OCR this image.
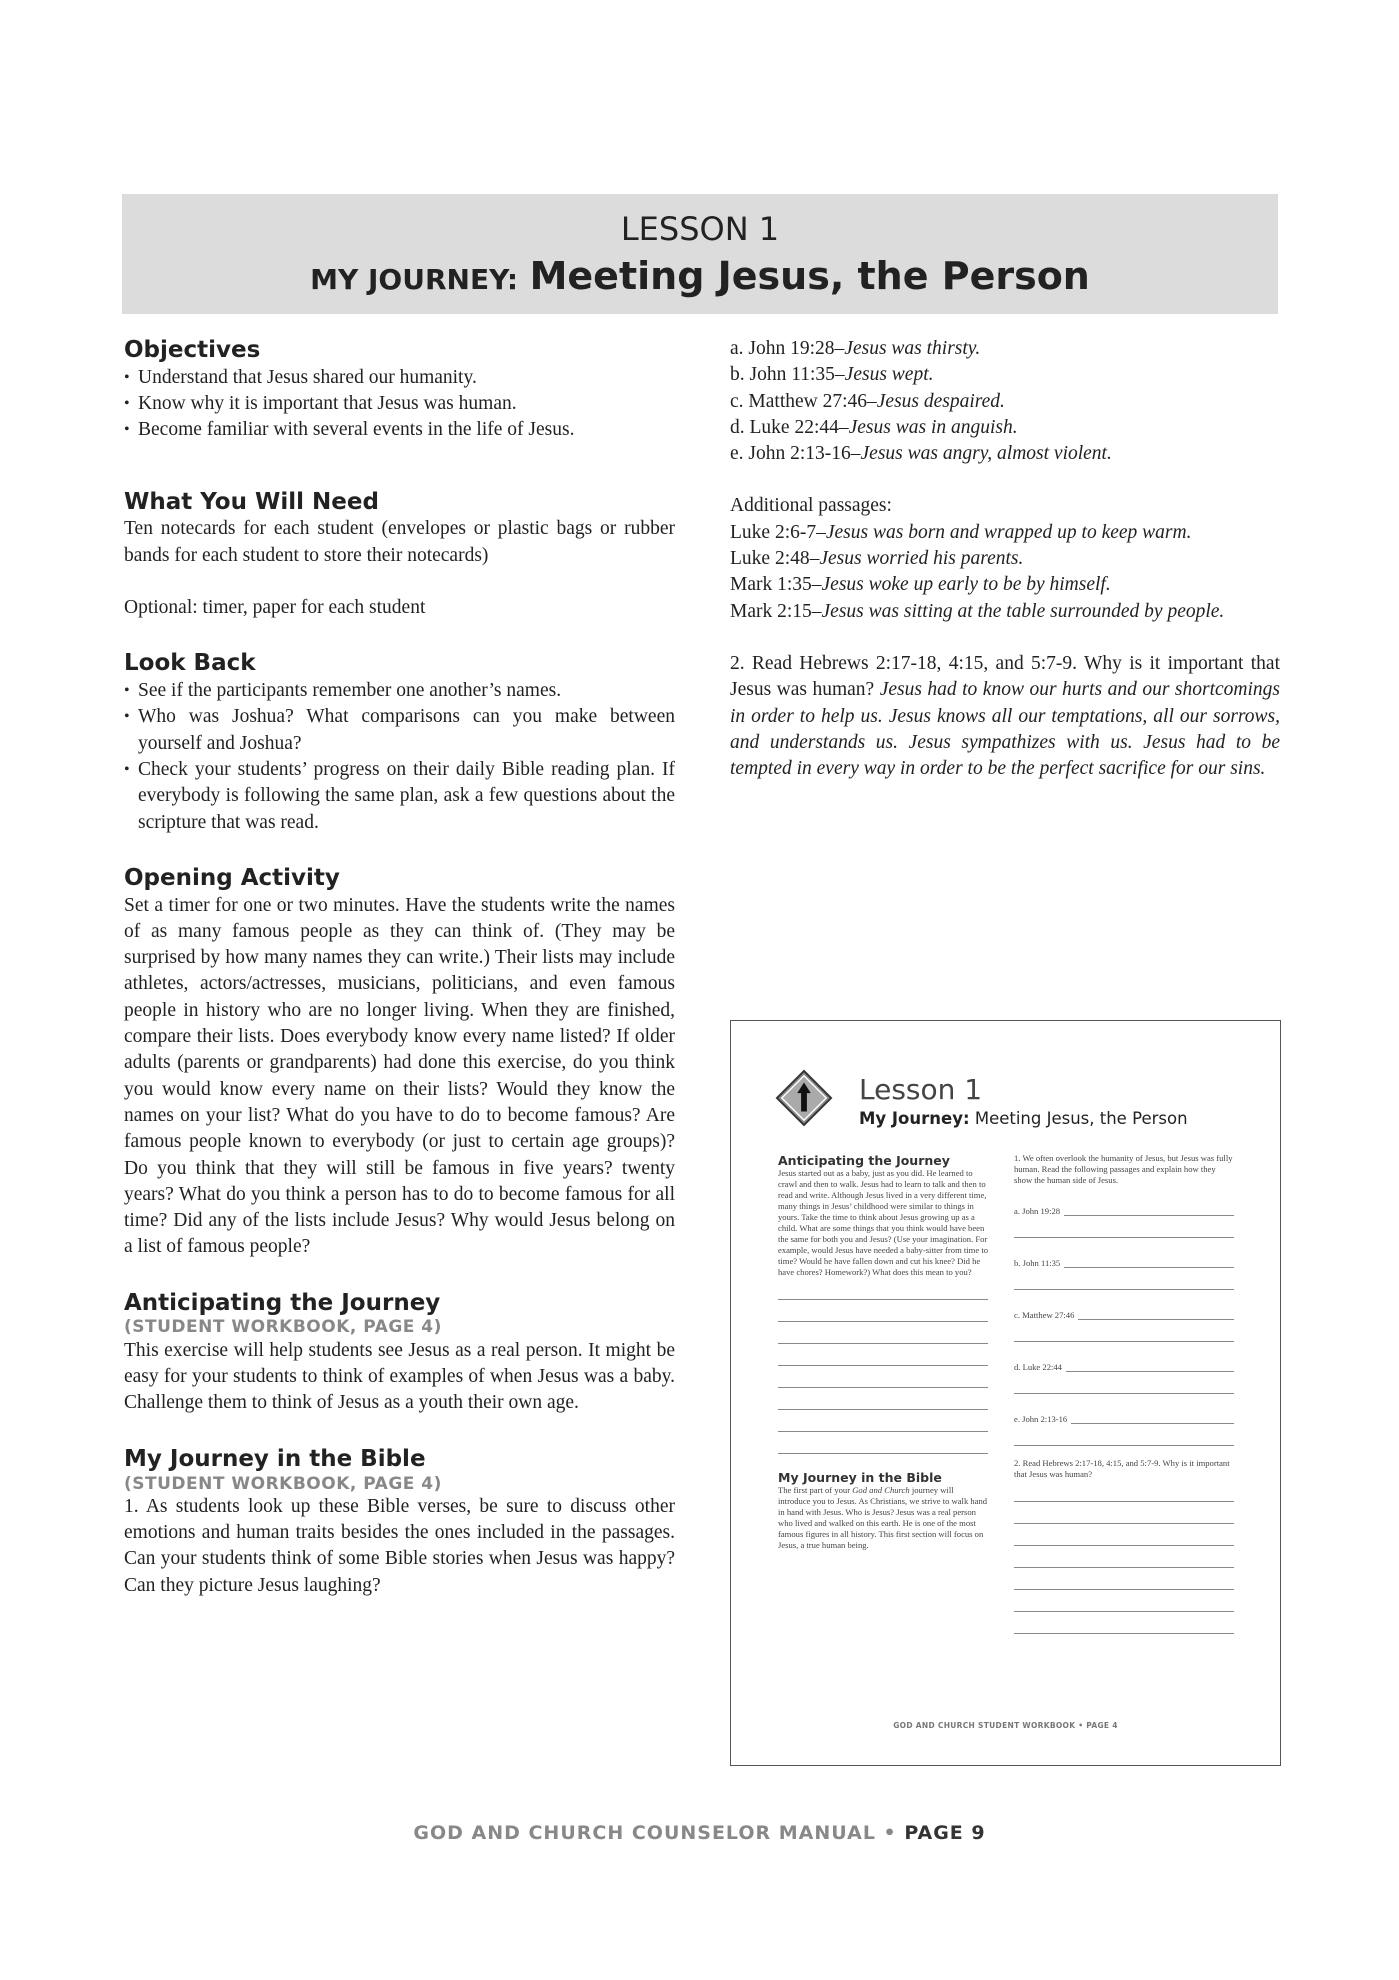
LESSON 1
MY JOURNEY: Meeting Jesus, the Person
Objectives
• Understand that Jesus shared our humanity.
• Know why it is important that Jesus was human.
• Become familiar with several events in the life of Jesus.
What You Will Need

Ten notecards for each student (envelopes or plastic bags or rubber bands for each student to store their notecards)

Optional: timer, paper for each student

Look Back
• See if the participants remember one another’s names.
• Who was Joshua? What comparisons can you make between yourself and Joshua?
• Check your students’ progress on their daily Bible reading plan. If everybody is following the same plan, ask a few questions about the scripture that was read.
Opening Activity

Set a timer for one or two minutes. Have the students write the names of as many famous people as they can think of. (They may be surprised by how many names they can write.) Their lists may include athletes, actors/actresses, musicians, politicians, and even famous people in history who are no longer living. When they are finished, compare their lists. Does everybody know every name listed? If older adults (parents or grandparents) had done this exercise, do you think you would know every name on their lists? Would they know the names on your list? What do you have to do to become famous? Are famous people known to everybody (or just to certain age groups)? Do you think that they will still be famous in five years? twenty years? What do you think a person has to do to become famous for all time? Did any of the lists include Jesus? Why would Jesus belong on a list of famous people?

Anticipating the Journey
(STUDENT WORKBOOK, PAGE 4)

This exercise will help students see Jesus as a real person. It might be easy for your students to think of examples of when Jesus was a baby. Challenge them to think of Jesus as a youth their own age.

My Journey in the Bible
(STUDENT WORKBOOK, PAGE 4)

1. As students look up these Bible verses, be sure to discuss other emotions and human traits besides the ones included in the passages. Can your students think of some Bible stories when Jesus was happy? Can they picture Jesus laughing?

a. John 19:28–Jesus was thirsty.

b. John 11:35–Jesus wept.

c. Matthew 27:46–Jesus despaired.

d. Luke 22:44–Jesus was in anguish.

e. John 2:13-16–Jesus was angry, almost violent.

Additional passages:

Luke 2:6-7–Jesus was born and wrapped up to keep warm.

Luke 2:48–Jesus worried his parents.

Mark 1:35–Jesus woke up early to be by himself.

Mark 2:15–Jesus was sitting at the table surrounded by people.

2. Read Hebrews 2:17-18, 4:15, and 5:7-9. Why is it important that Jesus was human? Jesus had to know our hurts and our shortcomings in order to help us. Jesus knows all our temptations, all our sorrows, and understands us. Jesus sympathizes with us. Jesus had to be tempted in every way in order to be the perfect sacrifice for our sins.

Lesson 1
My Journey: Meeting Jesus, the Person
Anticipating the Journey
Jesus started out as a baby, just as you did. He learned to crawl and then to walk. Jesus had to learn to talk and then to read and write. Although Jesus lived in a very different time, many things in Jesus’ childhood were similar to things in yours. Take the time to think about Jesus growing up as a child. What are some things that you think would have been the same for both you and Jesus? (Use your imagination. For example, would Jesus have needed a baby-sitter from time to time? Would he have fallen down and cut his knee? Did he have chores? Homework?) What does this mean to you?
My Journey in the Bible
The first part of your God and Church journey will introduce you to Jesus. As Christians, we strive to walk hand in hand with Jesus. Who is Jesus? Jesus was a real person who lived and walked on this earth. He is one of the most famous figures in all history. This first section will focus on Jesus, a true human being.
1. We often overlook the humanity of Jesus, but Jesus was fully human. Read the following passages and explain how they show the human side of Jesus.
a. John 19:28
b. John 11:35
c. Matthew 27:46
d. Luke 22:44
e. John 2:13-16
2. Read Hebrews 2:17-18, 4:15, and 5:7-9. Why is it important that Jesus was human?
GOD AND CHURCH STUDENT WORKBOOK • PAGE 4
GOD AND CHURCH COUNSELOR MANUAL • PAGE 9
